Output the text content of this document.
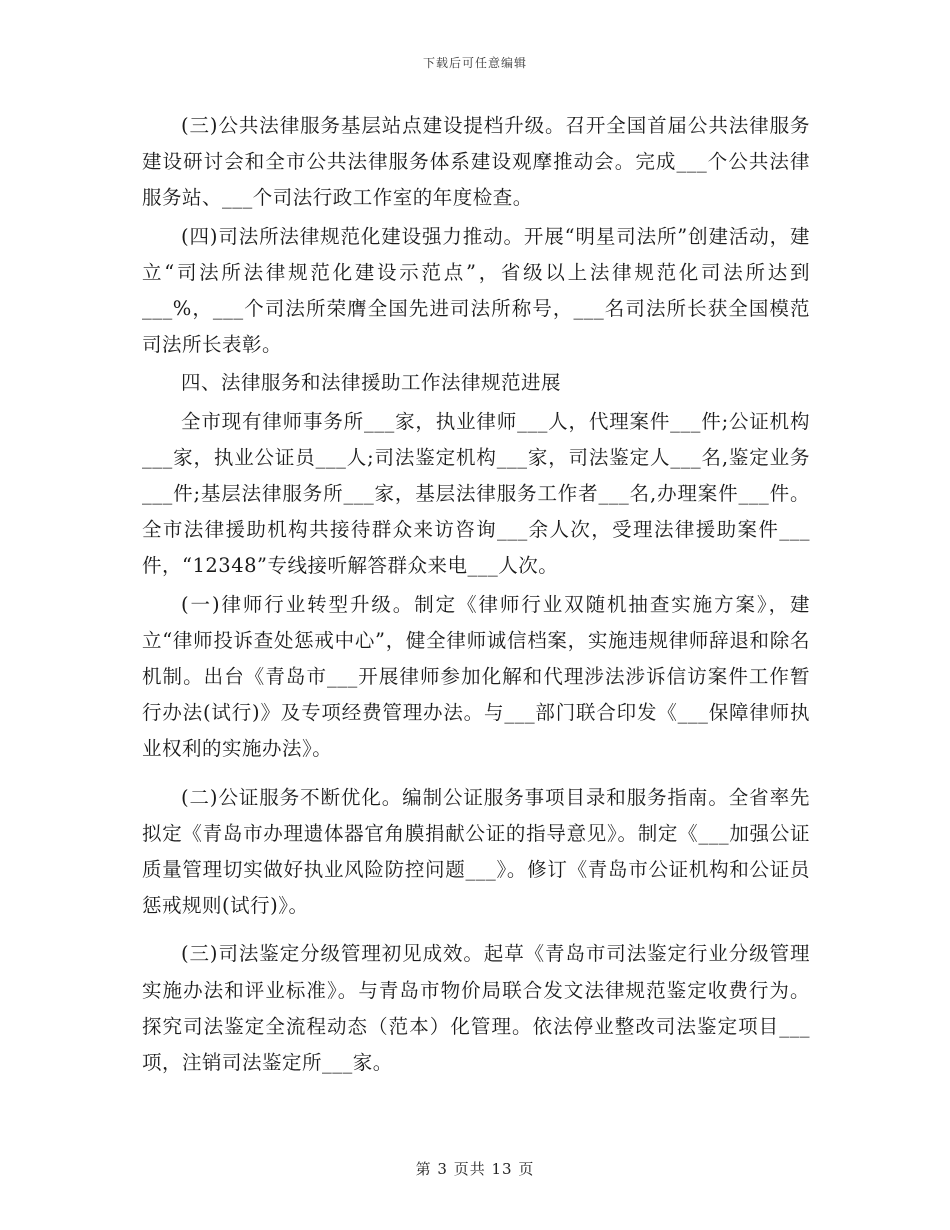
下载后可任意编辑

(三)公共法律服务基层站点建设提档升级。召开全国首届公共法律服务建设研讨会和全市公共法律服务体系建设观摩推动会。完成___个公共法律服务站、___个司法行政工作室的年度检查。

(四)司法所法律规范化建设强力推动。开展“明星司法所”创建活动，建立“司法所法律规范化建设示范点”，省级以上法律规范化司法所达到___%，___个司法所荣膺全国先进司法所称号，___名司法所长获全国模范司法所长表彰。

四、法律服务和法律援助工作法律规范进展

全市现有律师事务所___家，执业律师___人，代理案件___件;公证机构___家，执业公证员___人;司法鉴定机构___家，司法鉴定人___名,鉴定业务___件;基层法律服务所___家，基层法律服务工作者___名,办理案件___件。全市法律援助机构共接待群众来访咨询___余人次，受理法律援助案件___件，“12348”专线接听解答群众来电___人次。

(一)律师行业转型升级。制定《律师行业双随机抽查实施方案》，建立“律师投诉查处惩戒中心”，健全律师诚信档案，实施违规律师辞退和除名机制。出台《青岛市___开展律师参加化解和代理涉法涉诉信访案件工作暂行办法(试行)》及专项经费管理办法。与___部门联合印发《___保障律师执业权利的实施办法》。

(二)公证服务不断优化。编制公证服务事项目录和服务指南。全省率先拟定《青岛市办理遗体器官角膜捐献公证的指导意见》。制定《___加强公证质量管理切实做好执业风险防控问题___》。修订《青岛市公证机构和公证员惩戒规则(试行)》。

(三)司法鉴定分级管理初见成效。起草《青岛市司法鉴定行业分级管理实施办法和评业标准》。与青岛市物价局联合发文法律规范鉴定收费行为。探究司法鉴定全流程动态（范本）化管理。依法停业整改司法鉴定项目___项，注销司法鉴定所___家。

第 3 页共 13 页
